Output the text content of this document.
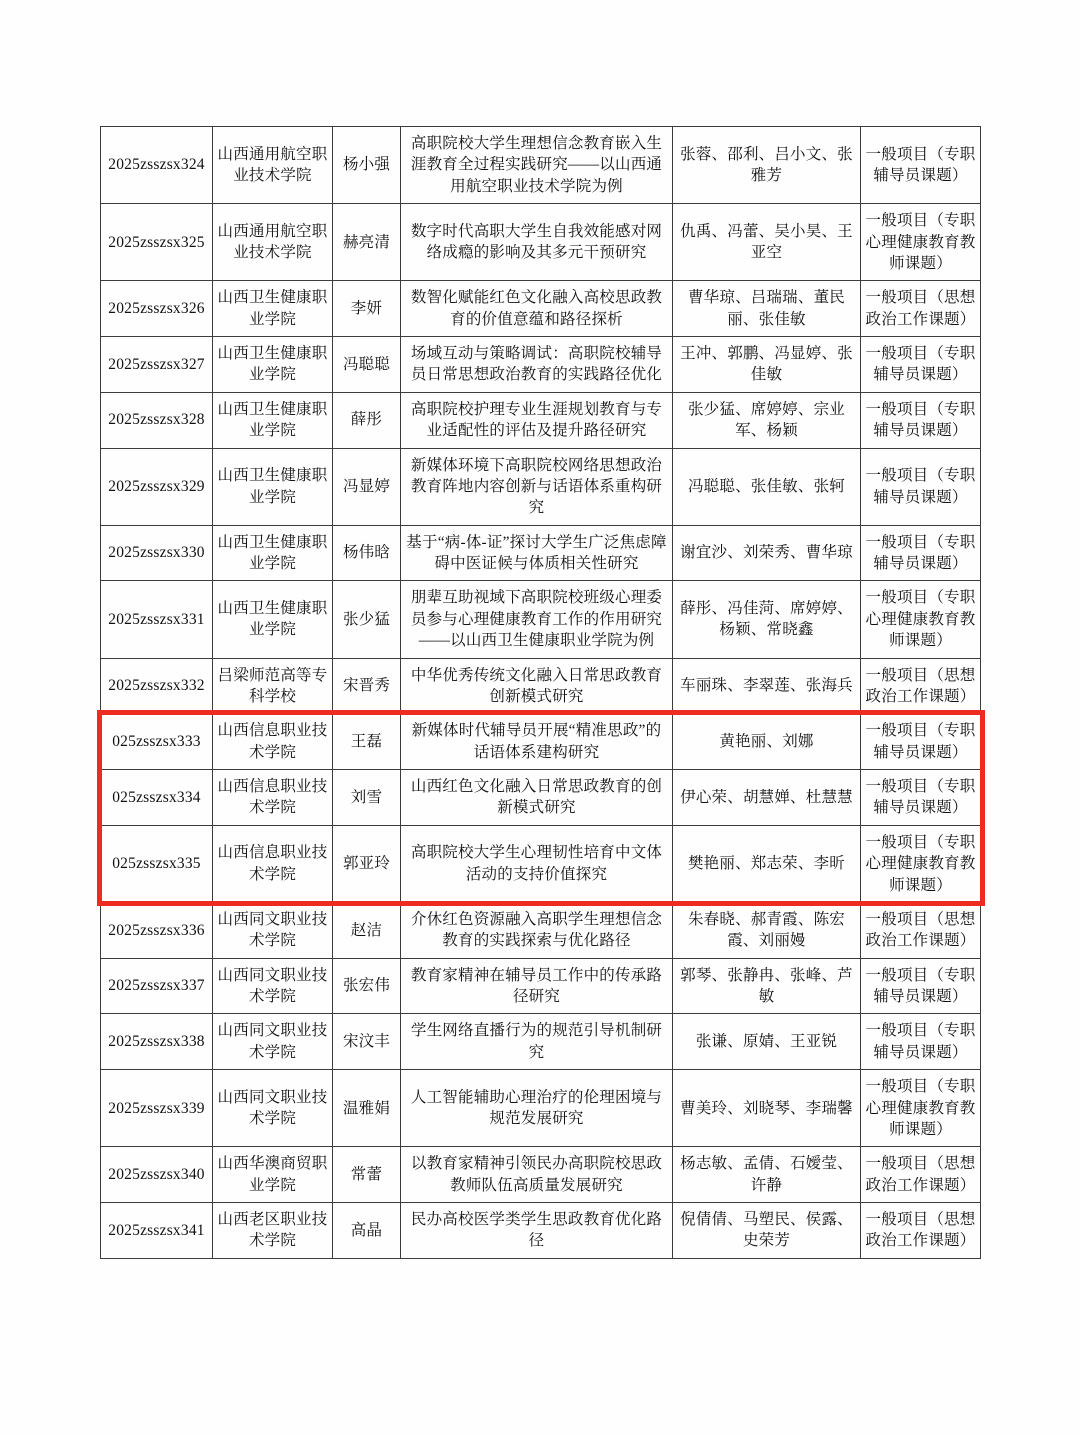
2025zsszsx324	山西通用航空职业技术学院	杨小强	高职院校大学生理想信念教育嵌入生涯教育全过程实践研究——以山西通用航空职业技术学院为例	张蓉、邵利、吕小文、张雅芳	一般项目（专职辅导员课题）
2025zsszsx325	山西通用航空职业技术学院	赫亮清	数字时代高职大学生自我效能感对网络成瘾的影响及其多元干预研究	仇禹、冯蕾、吴小昊、王亚空	一般项目（专职心理健康教育教师课题）
2025zsszsx326	山西卫生健康职业学院	李妍	数智化赋能红色文化融入高校思政教育的价值意蕴和路径探析	曹华琼、吕瑞瑞、董民丽、张佳敏	一般项目（思想政治工作课题）
2025zsszsx327	山西卫生健康职业学院	冯聪聪	场域互动与策略调试：高职院校辅导员日常思想政治教育的实践路径优化	王冲、郭鹏、冯显婷、张佳敏	一般项目（专职辅导员课题）
2025zsszsx328	山西卫生健康职业学院	薛彤	高职院校护理专业生涯规划教育与专业适配性的评估及提升路径研究	张少猛、席婷婷、宗业军、杨颖	一般项目（专职辅导员课题）
2025zsszsx329	山西卫生健康职业学院	冯显婷	新媒体环境下高职院校网络思想政治教育阵地内容创新与话语体系重构研究	冯聪聪、张佳敏、张轲	一般项目（专职辅导员课题）
2025zsszsx330	山西卫生健康职业学院	杨伟晗	基于“病-体-证”探讨大学生广泛焦虑障碍中医证候与体质相关性研究	谢宜沙、刘荣秀、曹华琼	一般项目（专职辅导员课题）
2025zsszsx331	山西卫生健康职业学院	张少猛	朋辈互助视域下高职院校班级心理委员参与心理健康教育工作的作用研究——以山西卫生健康职业学院为例	薛彤、冯佳菏、席婷婷、杨颖、常晓鑫	一般项目（专职心理健康教育教师课题）
2025zsszsx332	吕梁师范高等专科学校	宋晋秀	中华优秀传统文化融入日常思政教育创新模式研究	车丽珠、李翠莲、张海兵	一般项目（思想政治工作课题）
025zsszsx333	山西信息职业技术学院	王磊	新媒体时代辅导员开展“精准思政”的话语体系建构研究	黄艳丽、刘娜	一般项目（专职辅导员课题）
025zsszsx334	山西信息职业技术学院	刘雪	山西红色文化融入日常思政教育的创新模式研究	伊心荣、胡慧婵、杜慧慧	一般项目（专职辅导员课题）
025zsszsx335	山西信息职业技术学院	郭亚玲	高职院校大学生心理韧性培育中文体活动的支持价值探究	樊艳丽、郑志荣、李昕	一般项目（专职心理健康教育教师课题）
2025zsszsx336	山西同文职业技术学院	赵洁	介休红色资源融入高职学生理想信念教育的实践探索与优化路径	朱春晓、郝青霞、陈宏霞、刘丽嫚	一般项目（思想政治工作课题）
2025zsszsx337	山西同文职业技术学院	张宏伟	教育家精神在辅导员工作中的传承路径研究	郭琴、张静冉、张峰、芦敏	一般项目（专职辅导员课题）
2025zsszsx338	山西同文职业技术学院	宋汶丰	学生网络直播行为的规范引导机制研究	张谦、原婧、王亚锐	一般项目（专职辅导员课题）
2025zsszsx339	山西同文职业技术学院	温雅娟	人工智能辅助心理治疗的伦理困境与规范发展研究	曹美玲、刘晓琴、李瑞馨	一般项目（专职心理健康教育教师课题）
2025zsszsx340	山西华澳商贸职业学院	常蕾	以教育家精神引领民办高职院校思政教师队伍高质量发展研究	杨志敏、孟倩、石嬡莹、许静	一般项目（思想政治工作课题）
2025zsszsx341	山西老区职业技术学院	高晶	民办高校医学类学生思政教育优化路径	倪倩倩、马塑民、侯露、史荣芳	一般项目（思想政治工作课题）
